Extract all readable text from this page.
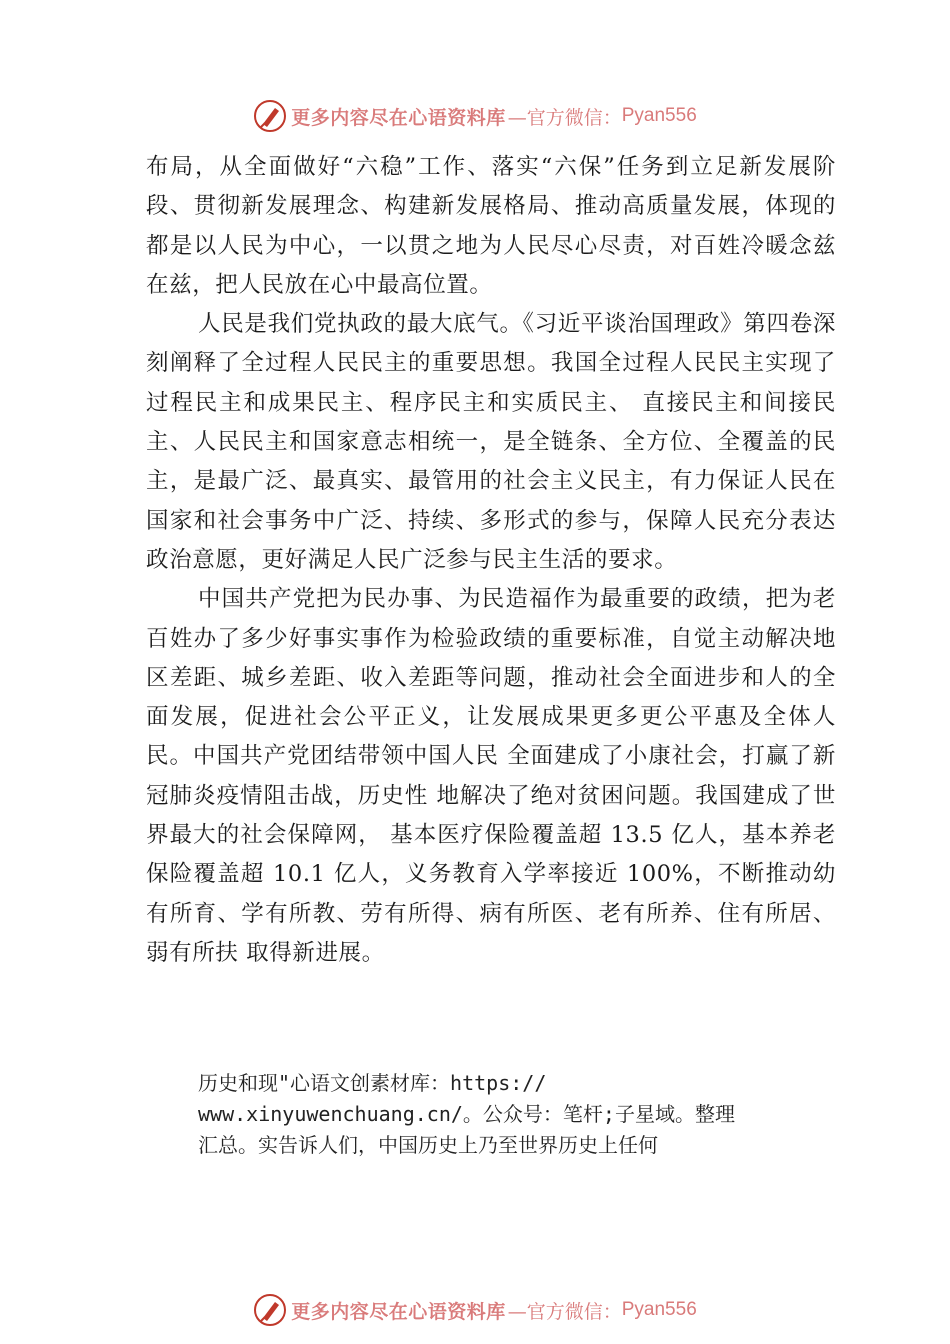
更多内容尽在心语资料库 —官方微信： Pyan556

布局，从全面做好“六稳”工作、落实“六保”任务到立足新发展阶段、贯彻新发展理念、构建新发展格局、推动高质量发展，体现的都是以人民为中心，一以贯之地为人民尽心尽责，对百姓冷暖念兹在兹，把人民放在心中最高位置。

人民是我们党执政的最大底气。《习近平谈治国理政》第四卷深刻阐释了全过程人民民主的重要思想。我国全过程人民民主实现了过程民主和成果民主、程序民主和实质民主、 直接民主和间接民主、人民民主和国家意志相统一，是全链条、全方位、全覆盖的民主，是最广泛、最真实、最管用的社会主义民主，有力保证人民在国家和社会事务中广泛、持续、多形式的参与，保障人民充分表达政治意愿，更好满足人民广泛参与民主生活的要求。

中国共产党把为民办事、为民造福作为最重要的政绩，把为老百姓办了多少好事实事作为检验政绩的重要标准，自觉主动解决地区差距、城乡差距、收入差距等问题，推动社会全面进步和人的全面发展，促进社会公平正义，让发展成果更多更公平惠及全体人民。中国共产党团结带领中国人民 全面建成了小康社会，打赢了新冠肺炎疫情阻击战，历史性 地解决了绝对贫困问题。我国建成了世界最大的社会保障网， 基本医疗保险覆盖超 13.5 亿人，基本养老保险覆盖超 10.1 亿人，义务教育入学率接近 100%，不断推动幼有所育、学有所教、劳有所得、病有所医、老有所养、住有所居、弱有所扶 取得新进展。

历史和现"心语文创素材库：https://
www.xinyuwenchuang.cn/。公众号：笔杆;子星域。整理
汇总。实告诉人们，中国历史上乃至世界历史上任何
更多内容尽在心语资料库 —官方微信： Pyan556
